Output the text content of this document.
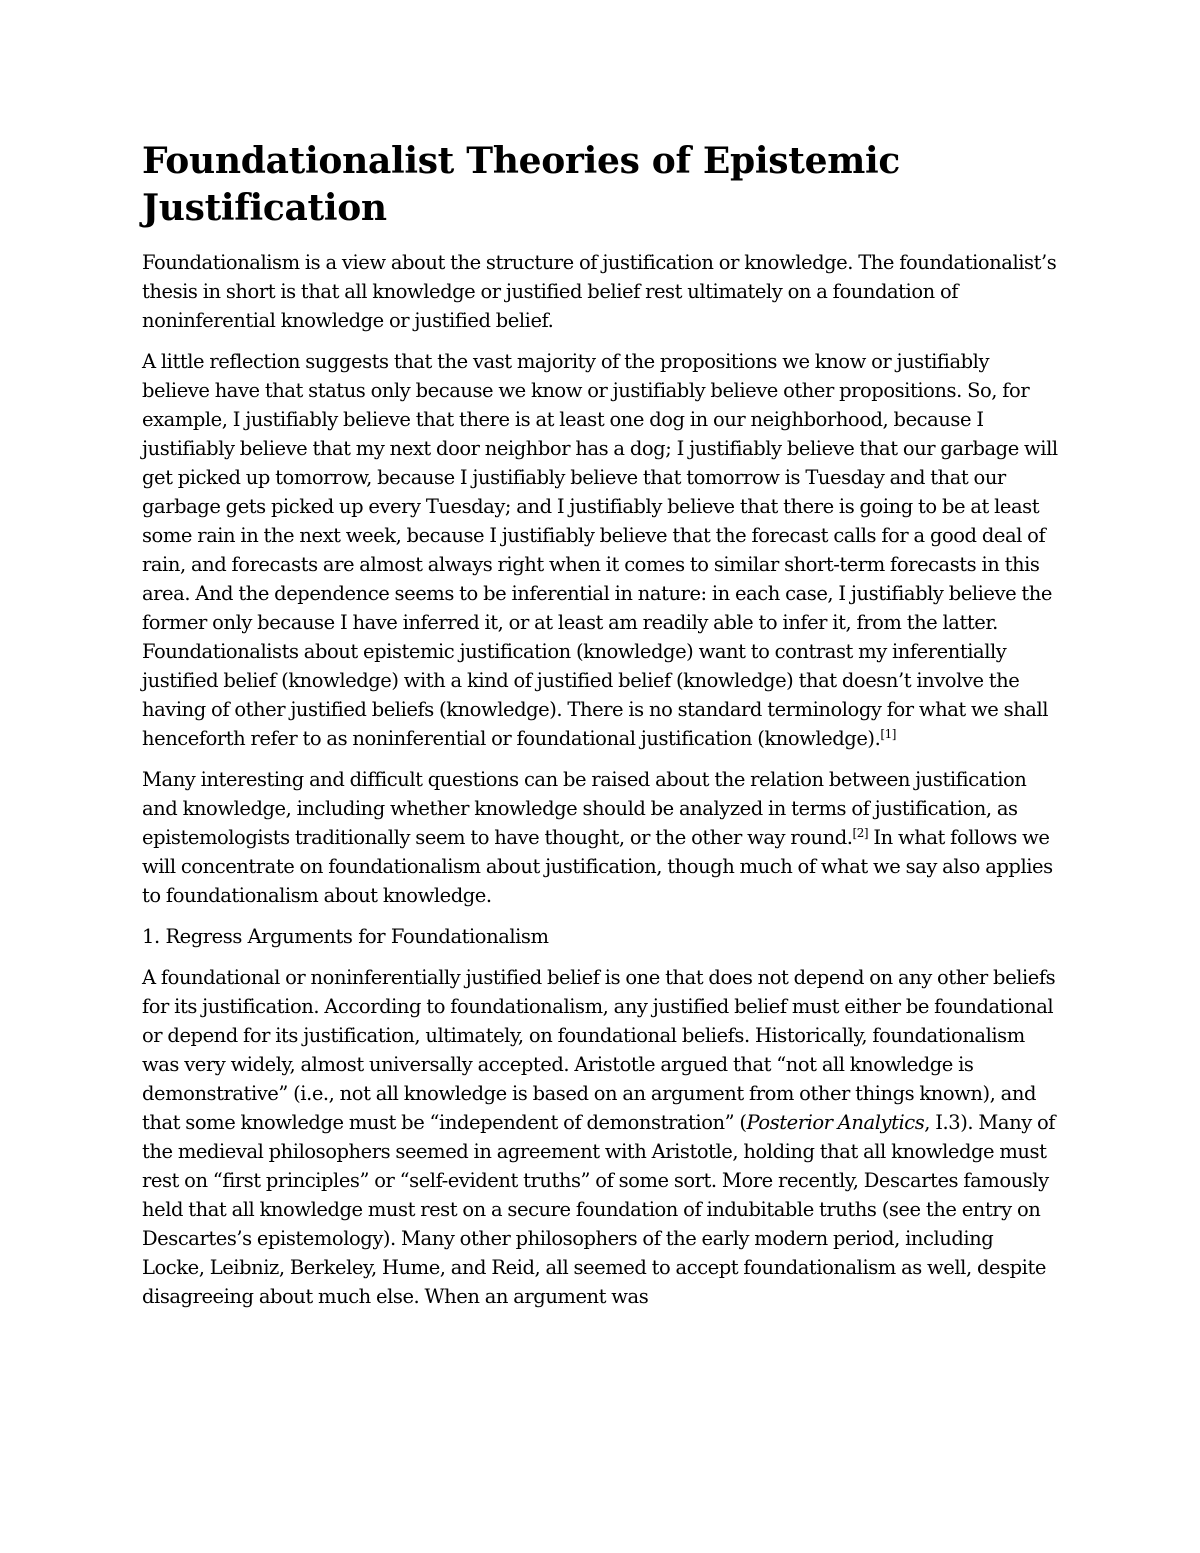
Foundationalist Theories of Epistemic Justification

Foundationalism is a view about the structure of justification or knowledge. The foundationalist’s thesis in short is that all knowledge or justified belief rest ultimately on a foundation of noninferential knowledge or justified belief.

A little reflection suggests that the vast majority of the propositions we know or justifiably believe have that status only because we know or justifiably believe other propositions. So, for example, I justifiably believe that there is at least one dog in our neighborhood, because I justifiably believe that my next door neighbor has a dog; I justifiably believe that our garbage will get picked up tomorrow, because I justifiably believe that tomorrow is Tuesday and that our garbage gets picked up every Tuesday; and I justifiably believe that there is going to be at least some rain in the next week, because I justifiably believe that the forecast calls for a good deal of rain, and forecasts are almost always right when it comes to similar short-term forecasts in this area. And the dependence seems to be inferential in nature: in each case, I justifiably believe the former only because I have inferred it, or at least am readily able to infer it, from the latter. Foundationalists about epistemic justification (knowledge) want to contrast my inferentially justified belief (knowledge) with a kind of justified belief (knowledge) that doesn’t involve the having of other justified beliefs (knowledge). There is no standard terminology for what we shall henceforth refer to as noninferential or foundational justification (knowledge).[1]

Many interesting and difficult questions can be raised about the relation between justification and knowledge, including whether knowledge should be analyzed in terms of justification, as epistemologists traditionally seem to have thought, or the other way round.[2] In what follows we will concentrate on foundationalism about justification, though much of what we say also applies to foundationalism about knowledge.

1. Regress Arguments for Foundationalism

A foundational or noninferentially justified belief is one that does not depend on any other beliefs for its justification. According to foundationalism, any justified belief must either be foundational or depend for its justification, ultimately, on foundational beliefs. Historically, foundationalism was very widely, almost universally accepted. Aristotle argued that “not all knowledge is demonstrative” (i.e., not all knowledge is based on an argument from other things known), and that some knowledge must be “independent of demonstration” (Posterior Analytics, I.3). Many of the medieval philosophers seemed in agreement with Aristotle, holding that all knowledge must rest on “first principles” or “self-evident truths” of some sort. More recently, Descartes famously held that all knowledge must rest on a secure foundation of indubitable truths (see the entry on Descartes’s epistemology). Many other philosophers of the early modern period, including Locke, Leibniz, Berkeley, Hume, and Reid, all seemed to accept foundationalism as well, despite disagreeing about much else. When an argument was
